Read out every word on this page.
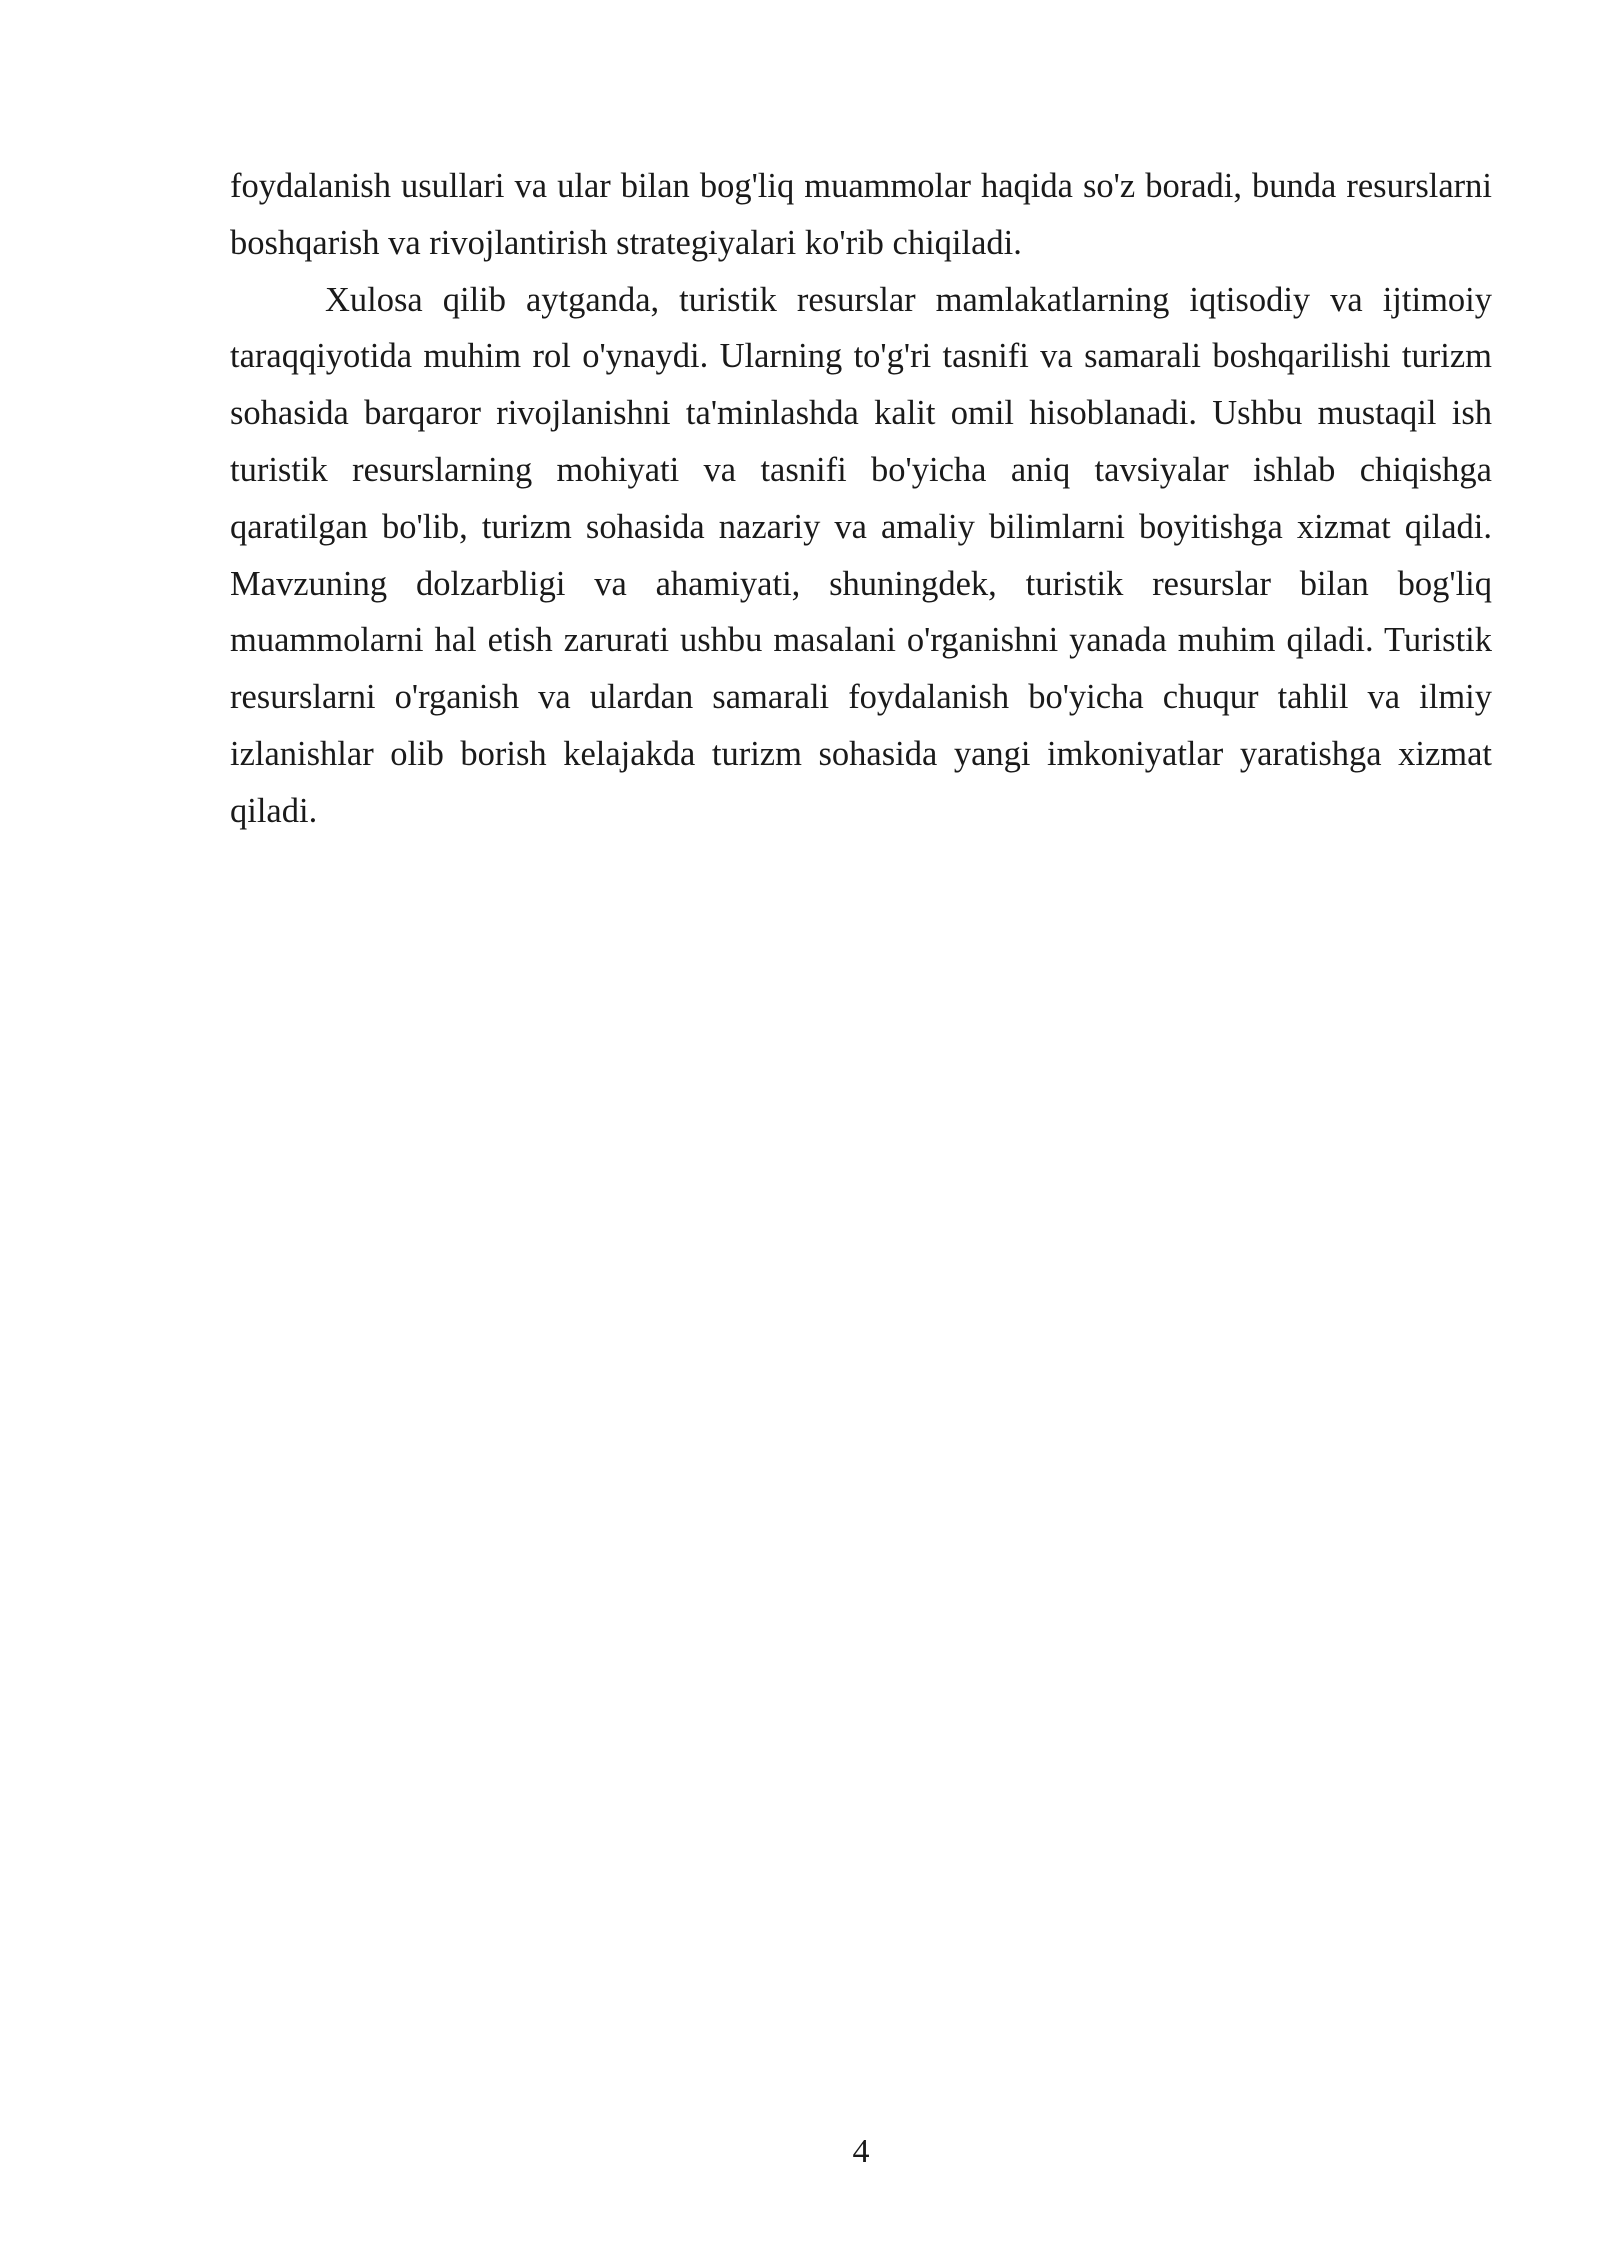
foydalanish usullari va ular bilan bog'liq muammolar haqida so'z boradi, bunda resurslarni boshqarish va rivojlantirish strategiyalari ko'rib chiqiladi.

Xulosa qilib aytganda, turistik resurslar mamlakatlarning iqtisodiy va ijtimoiy taraqqiyotida muhim rol o'ynaydi. Ularning to'g'ri tasnifi va samarali boshqarilishi turizm sohasida barqaror rivojlanishni ta'minlashda kalit omil hisoblanadi. Ushbu mustaqil ish turistik resurslarning mohiyati va tasnifi bo'yicha aniq tavsiyalar ishlab chiqishga qaratilgan bo'lib, turizm sohasida nazariy va amaliy bilimlarni boyitishga xizmat qiladi. Mavzuning dolzarbligi va ahamiyati, shuningdek, turistik resurslar bilan bog'liq muammolarni hal etish zarurati ushbu masalani o'rganishni yanada muhim qiladi. Turistik resurslarni o'rganish va ulardan samarali foydalanish bo'yicha chuqur tahlil va ilmiy izlanishlar olib borish kelajakda turizm sohasida yangi imkoniyatlar yaratishga xizmat qiladi.

4
